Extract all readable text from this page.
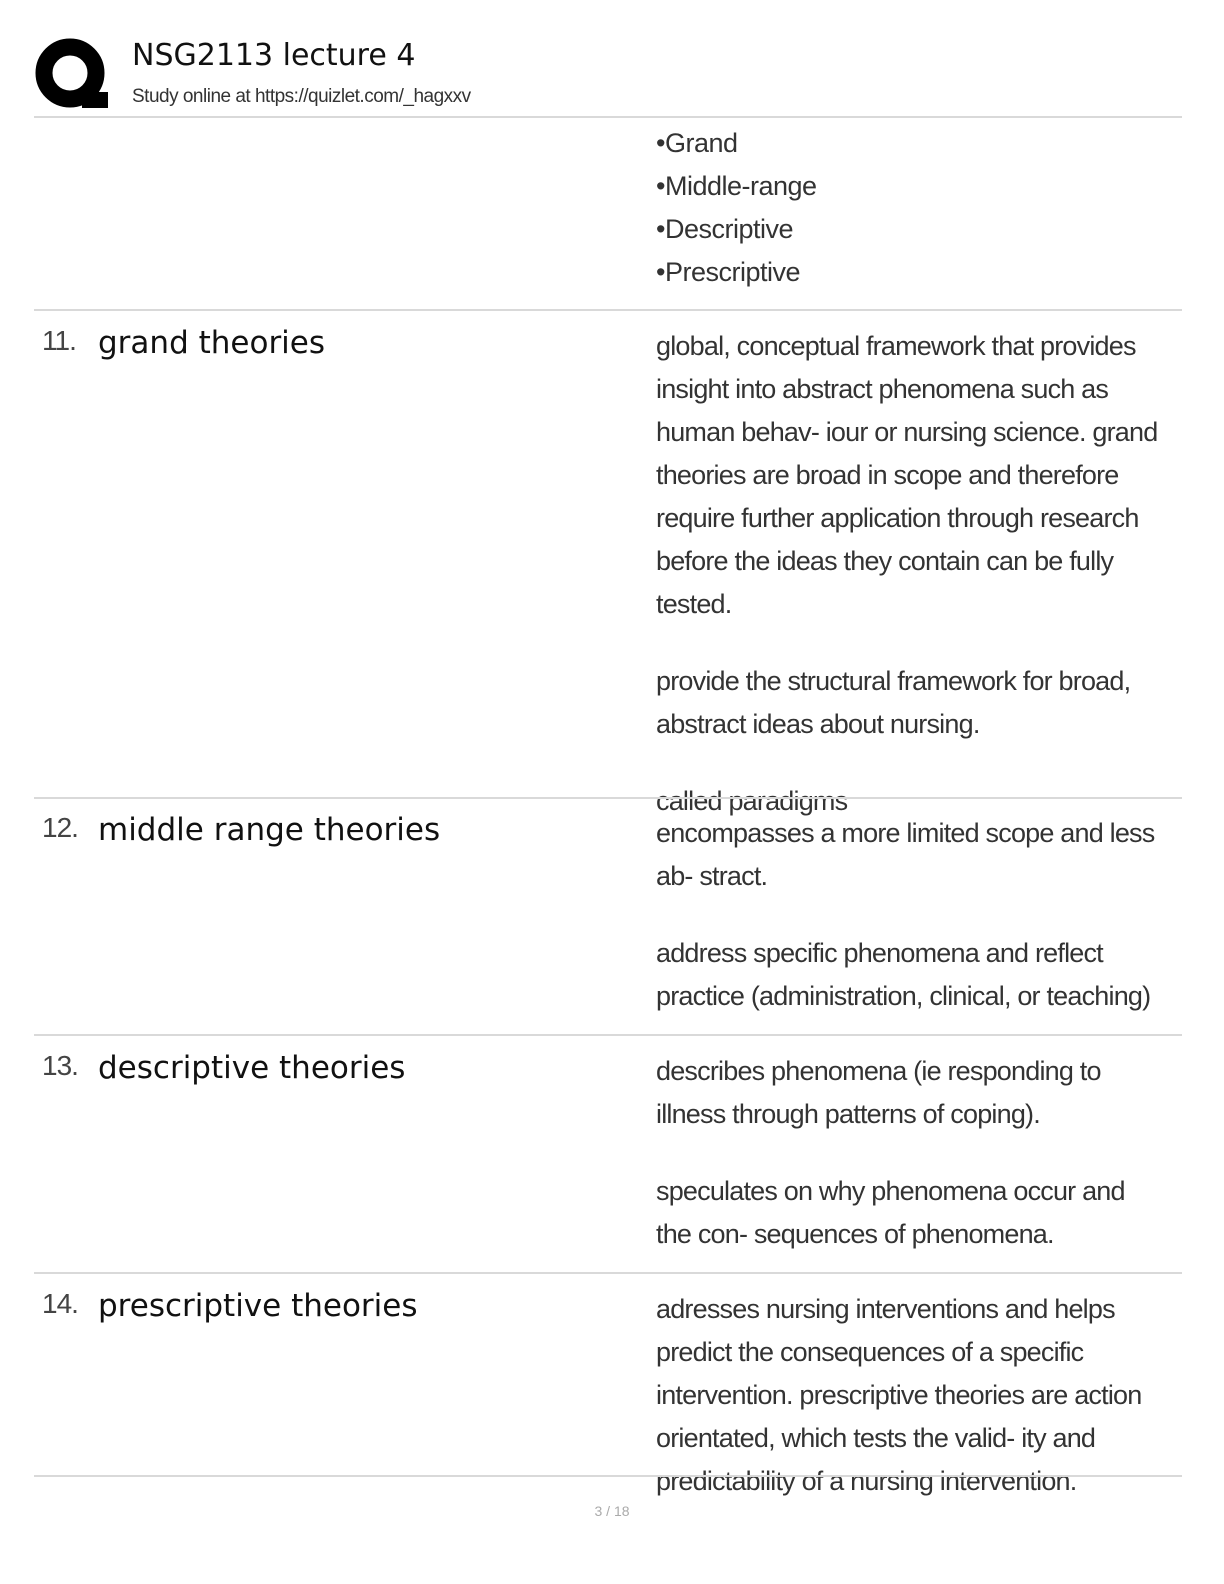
NSG2113 lecture 4
Study online at https://quizlet.com/_hagxxv
•Grand
•Middle-range
•Descriptive
•Prescriptive
11. grand theories	global, conceptual framework that provides insight into abstract phenomena such as human behav- iour or nursing science. grand theories are broad in scope and therefore require further application through research before the ideas they contain can be fully tested.

provide the structural framework for broad, abstract ideas about nursing.

called paradigms

12. middle range theories	encompasses a more limited scope and less ab- stract.

address specific phenomena and reflect practice (administration, clinical, or teaching)

13. descriptive theories	describes phenomena (ie responding to illness through patterns of coping).

speculates on why phenomena occur and the con- sequences of phenomena.

14. prescriptive theories	adresses nursing interventions and helps predict the consequences of a specific intervention. prescriptive theories are action orientated, which tests the valid- ity and predictability of a nursing intervention.

3 / 18
